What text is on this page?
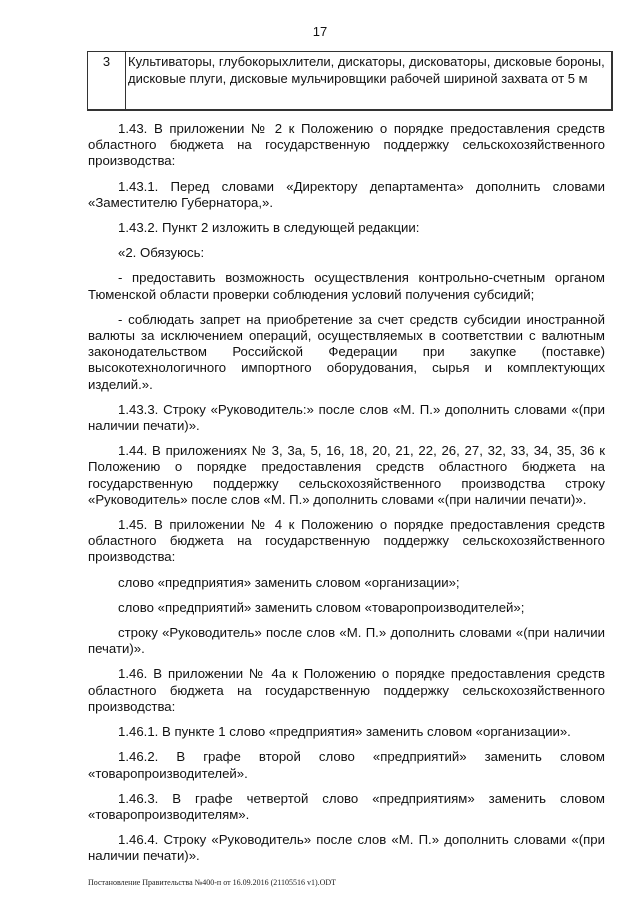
17
3	Культиваторы, глубокорыхлители, дискаторы, дисковаторы, дисковые бороны, дисковые плуги, дисковые мульчировщики рабочей шириной захвата от 5 м

1.43. В приложении № 2 к Положению о порядке предоставления средств областного бюджета на государственную поддержку сельскохозяйственного производства:

1.43.1. Перед словами «Директору департамента» дополнить словами «Заместителю Губернатора,».

1.43.2. Пункт 2 изложить в следующей редакции:

«2. Обязуюсь:

- предоставить возможность осуществления контрольно-счетным органом Тюменской области проверки соблюдения условий получения субсидий;

- соблюдать запрет на приобретение за счет средств субсидии иностранной валюты за исключением операций, осуществляемых в соответствии с валютным законодательством Российской Федерации при закупке (поставке) высокотехнологичного импортного оборудования, сырья и комплектующих изделий.».

1.43.3. Строку «Руководитель:» после слов «М. П.» дополнить словами «(при наличии печати)».

1.44. В приложениях № 3, 3а, 5, 16, 18, 20, 21, 22, 26, 27, 32, 33, 34, 35, 36 к Положению о порядке предоставления средств областного бюджета на государственную поддержку сельскохозяйственного производства строку «Руководитель» после слов «М. П.» дополнить словами «(при наличии печати)».

1.45. В приложении № 4 к Положению о порядке предоставления средств областного бюджета на государственную поддержку сельскохозяйственного производства:

слово «предприятия» заменить словом «организации»;

слово «предприятий» заменить словом «товаропроизводителей»;

строку «Руководитель» после слов «М. П.» дополнить словами «(при наличии печати)».

1.46. В приложении № 4а к Положению о порядке предоставления средств областного бюджета на государственную поддержку сельскохозяйственного производства:

1.46.1. В пункте 1 слово «предприятия» заменить словом «организации».

1.46.2. В графе второй слово «предприятий» заменить словом «товаропроизводителей».

1.46.3. В графе четвертой слово «предприятиям» заменить словом «товаропроизводителям».

1.46.4. Строку «Руководитель» после слов «М. П.» дополнить словами «(при наличии печати)».

Постановление Правительства №400-п от 16.09.2016 (21105516 v1).ODT
